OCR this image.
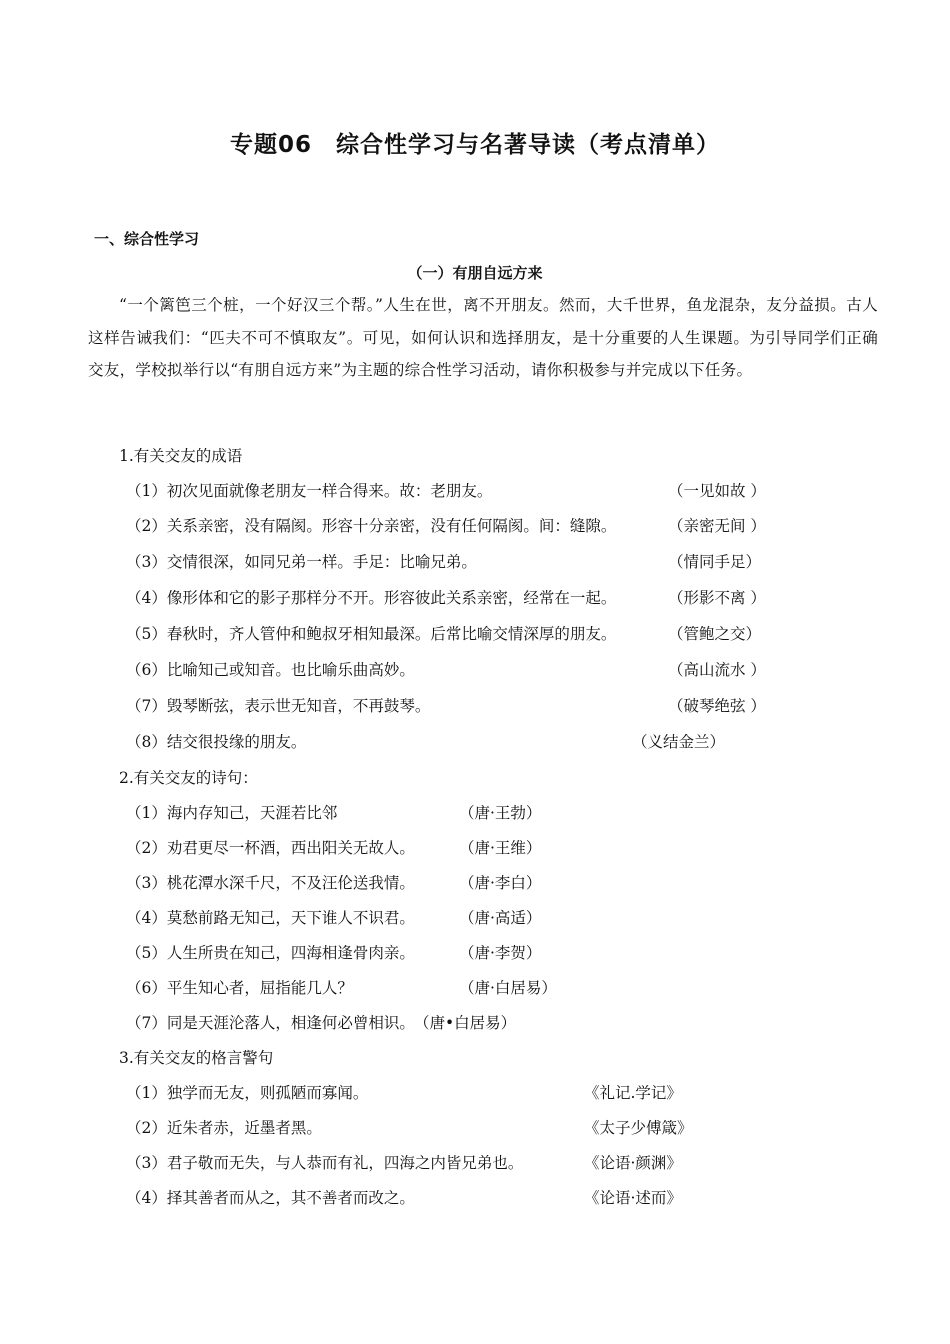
专题06　综合性学习与名著导读（考点清单）
一、综合性学习
（一）有朋自远方来

“一个篱笆三个桩，一个好汉三个帮。”人生在世，离不开朋友。然而，大千世界，鱼龙混杂，友分益损。古人这样告诫我们：“匹夫不可不慎取友”。可见，如何认识和选择朋友，是十分重要的人生课题。为引导同学们正确交友，学校拟举行以“有朋自远方来”为主题的综合性学习活动，请你积极参与并完成以下任务。

1.有关交友的成语
（1）初次见面就像老朋友一样合得来。故：老朋友。	（一见如故 ）
（2）关系亲密，没有隔阂。形容十分亲密，没有任何隔阂。间：缝隙。	（亲密无间 ）
（3）交情很深，如同兄弟一样。手足：比喻兄弟。	（情同手足）
（4）像形体和它的影子那样分不开。形容彼此关系亲密，经常在一起。	（形影不离 ）
（5）春秋时，齐人管仲和鲍叔牙相知最深。后常比喻交情深厚的朋友。	（管鲍之交）
（6）比喻知己或知音。也比喻乐曲高妙。	（高山流水 ）
（7）毁琴断弦，表示世无知音，不再鼓琴。	（破琴绝弦 ）
（8）结交很投缘的朋友。	（义结金兰）
2.有关交友的诗句：
（1）海内存知己，天涯若比邻	（唐·王勃）
（2）劝君更尽一杯酒，西出阳关无故人。	（唐·王维）
（3）桃花潭水深千尺，不及汪伦送我情。	（唐·李白）
（4）莫愁前路无知己，天下谁人不识君。	（唐·高适）
（5）人生所贵在知己，四海相逢骨肉亲。	（唐·李贺）
（6）平生知心者，屈指能几人？	（唐·白居易）
（7）同是天涯沦落人，相逢何必曾相识。 （唐•白居易）
3.有关交友的格言警句
（1）独学而无友，则孤陋而寡闻。	《礼记.学记》
（2）近朱者赤，近墨者黑。	《太子少傅箴》
（3）君子敬而无失，与人恭而有礼，四海之内皆兄弟也。	《论语·颜渊》
（4）择其善者而从之，其不善者而改之。	《论语·述而》
